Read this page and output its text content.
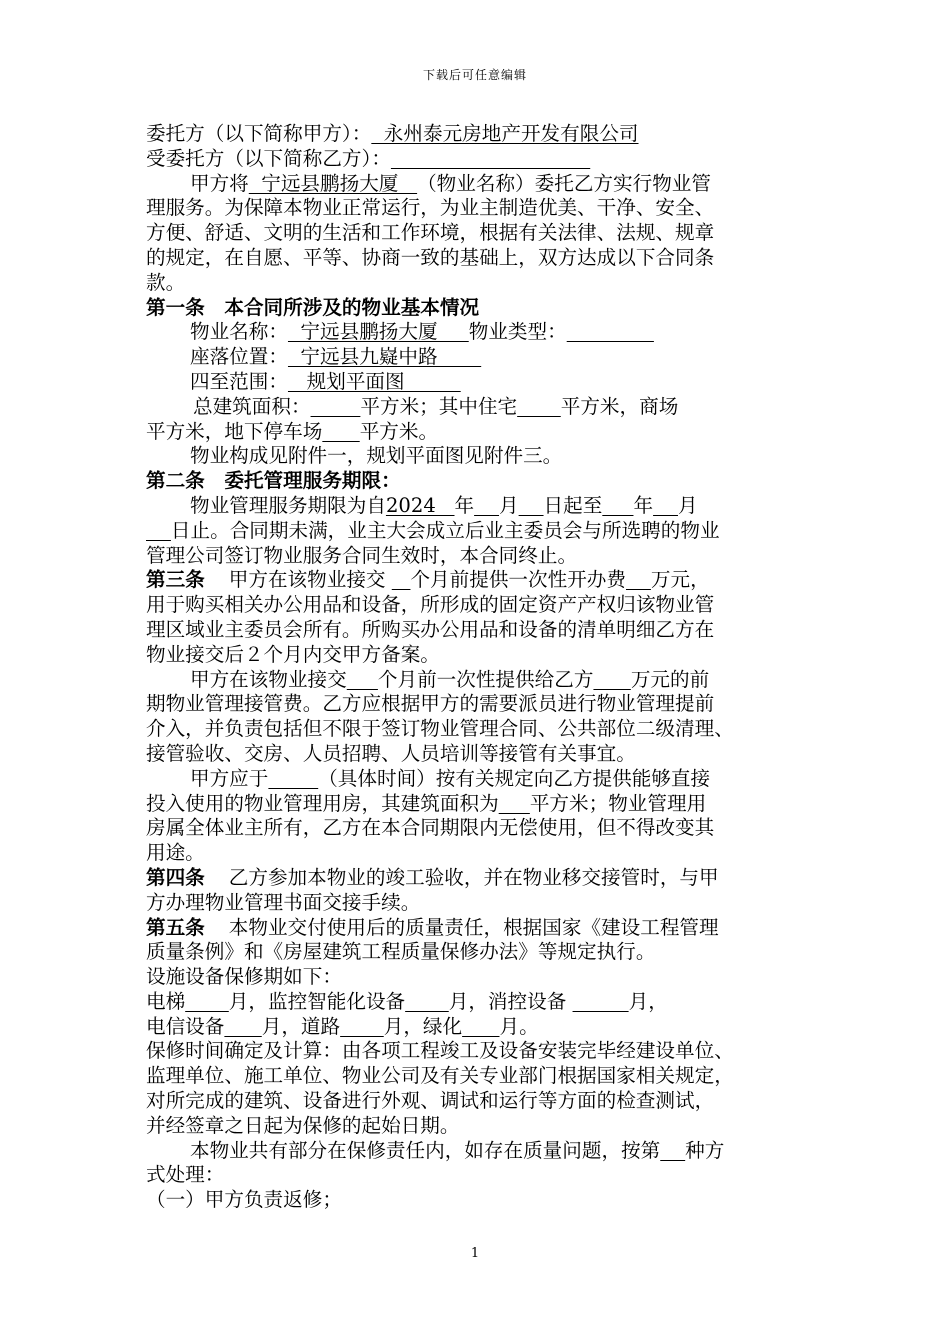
下载后可任意编辑
委托方（以下简称甲方）：  永州泰元房地产开发有限公司
受委托方（以下简称乙方）：
甲方将  宁远县鹏扬大厦   （物业名称）委托乙方实行物业管
理服务。为保障本物业正常运行，为业主制造优美、干净、安全、
方便、舒适、文明的生活和工作环境，根据有关法律、法规、规章
的规定，在自愿、平等、协商一致的基础上，双方达成以下合同条
款。
第一条　本合同所涉及的物业基本情况
物业名称：  宁远县鹏扬大厦     物业类型：
座落位置：  宁远县九嶷中路
四至范围：   规划平面图
总建筑面积：	平方米；其中住宅 平方米，商场
平方米，地下停车场 平方米。
物业构成见附件一，规划平面图见附件三。
第二条　委托管理服务期限：
物业管理服务期限为自2024   年 月 日起至 年 月
日止。合同期未满，业主大会成立后业主委员会与所选聘的物业
管理公司签订物业服务合同生效时，本合同终止。
第三条 甲方在该物业接交    个月前提供一次性开办费 万元，
用于购买相关办公用品和设备，所形成的固定资产产权归该物业管
理区域业主委员会所有。所购买办公用品和设备的清单明细乙方在
物业接交后２个月内交甲方备案。
甲方在该物业接交 个月前一次性提供给乙方 万元的前
期物业管理接管费。乙方应根据甲方的需要派员进行物业管理提前
介入，并负责包括但不限于签订物业管理合同、公共部位二级清理、
接管验收、交房、人员招聘、人员培训等接管有关事宜。
甲方应于	（具体时间）按有关规定向乙方提供能够直接
投入使用的物业管理用房，其建筑面积为 平方米；物业管理用
房属全体业主所有，乙方在本合同期限内无偿使用，但不得改变其
用途。
第四条 乙方参加本物业的竣工验收，并在物业移交接管时，与甲
方办理物业管理书面交接手续。
第五条 本物业交付使用后的质量责任，根据国家《建设工程管理
质量条例》和《房屋建筑工程质量保修办法》等规定执行。
设施设备保修期如下：
电梯 月，监控智能化设备 月，消控设备	月，
电信设备 月，道路 月，绿化 月。
保修时间确定及计算：由各项工程竣工及设备安装完毕经建设单位、
监理单位、施工单位、物业公司及有关专业部门根据国家相关规定，
对所完成的建筑、设备进行外观、调试和运行等方面的检查测试，
并经签章之日起为保修的起始日期。
本物业共有部分在保修责任内，如存在质量问题，按第 种方
式处理：
（一）甲方负责返修；
1
